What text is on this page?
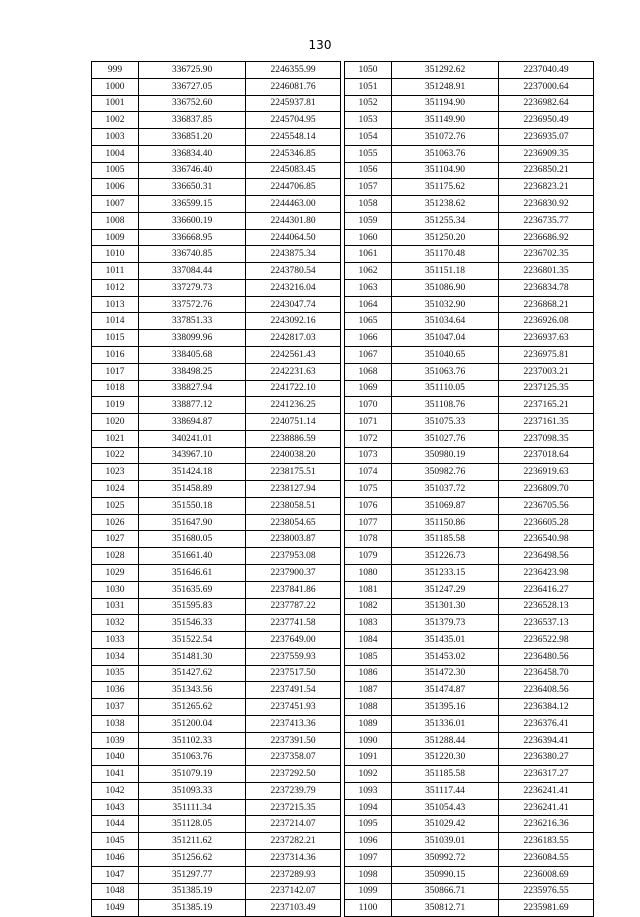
130
999	336725.90	2246355.99
1000	336727.05	2246081.76
1001	336752.60	2245937.81
1002	336837.85	2245704.95
1003	336851.20	2245548.14
1004	336834.40	2245346.85
1005	336746.40	2245083.45
1006	336650.31	2244706.85
1007	336599.15	2244463.00
1008	336600.19	2244301.80
1009	336668.95	2244064.50
1010	336740.85	2243875.34
1011	337084.44	2243780.54
1012	337279.73	2243216.04
1013	337572.76	2243047.74
1014	337851.33	2243092.16
1015	338099.96	2242817.03
1016	338405.68	2242561.43
1017	338498.25	2242231.63
1018	338827.94	2241722.10
1019	338877.12	2241236.25
1020	338694.87	2240751.14
1021	340241.01	2238886.59
1022	343967.10	2240038.20
1023	351424.18	2238175.51
1024	351458.89	2238127.94
1025	351550.18	2238058.51
1026	351647.90	2238054.65
1027	351680.05	2238003.87
1028	351661.40	2237953.08
1029	351646.61	2237900.37
1030	351635.69	2237841.86
1031	351595.83	2237787.22
1032	351546.33	2237741.58
1033	351522.54	2237649.00
1034	351481.30	2237559.93
1035	351427.62	2237517.50
1036	351343.56	2237491.54
1037	351265.62	2237451.93
1038	351200.04	2237413.36
1039	351102.33	2237391.50
1040	351063.76	2237358.07
1041	351079.19	2237292.50
1042	351093.33	2237239.79
1043	351111.34	2237215.35
1044	351128.05	2237214.07
1045	351211.62	2237282.21
1046	351256.62	2237314.36
1047	351297.77	2237289.93
1048	351385.19	2237142.07
1049	351385.19	2237103.49
1050	351292.62	2237040.49
1051	351248.91	2237000.64
1052	351194.90	2236982.64
1053	351149.90	2236950.49
1054	351072.76	2236935.07
1055	351063.76	2236909.35
1056	351104.90	2236850.21
1057	351175.62	2236823.21
1058	351238.62	2236830.92
1059	351255.34	2236735.77
1060	351250.20	2236686.92
1061	351170.48	2236702.35
1062	351151.18	2236801.35
1063	351086.90	2236834.78
1064	351032.90	2236868.21
1065	351034.64	2236926.08
1066	351047.04	2236937.63
1067	351040.65	2236975.81
1068	351063.76	2237003.21
1069	351110.05	2237125.35
1070	351108.76	2237165.21
1071	351075.33	2237161.35
1072	351027.76	2237098.35
1073	350980.19	2237018.64
1074	350982.76	2236919.63
1075	351037.72	2236809.70
1076	351069.87	2236705.56
1077	351150.86	2236605.28
1078	351185.58	2236540.98
1079	351226.73	2236498.56
1080	351233.15	2236423.98
1081	351247.29	2236416.27
1082	351301.30	2236528.13
1083	351379.73	2236537.13
1084	351435.01	2236522.98
1085	351453.02	2236480.56
1086	351472.30	2236458.70
1087	351474.87	2236408.56
1088	351395.16	2236384.12
1089	351336.01	2236376.41
1090	351288.44	2236394.41
1091	351220.30	2236380.27
1092	351185.58	2236317.27
1093	351117.44	2236241.41
1094	351054.43	2236241.41
1095	351029.42	2236216.36
1096	351039.01	2236183.55
1097	350992.72	2236084.55
1098	350990.15	2236008.69
1099	350866.71	2235976.55
1100	350812.71	2235981.69
